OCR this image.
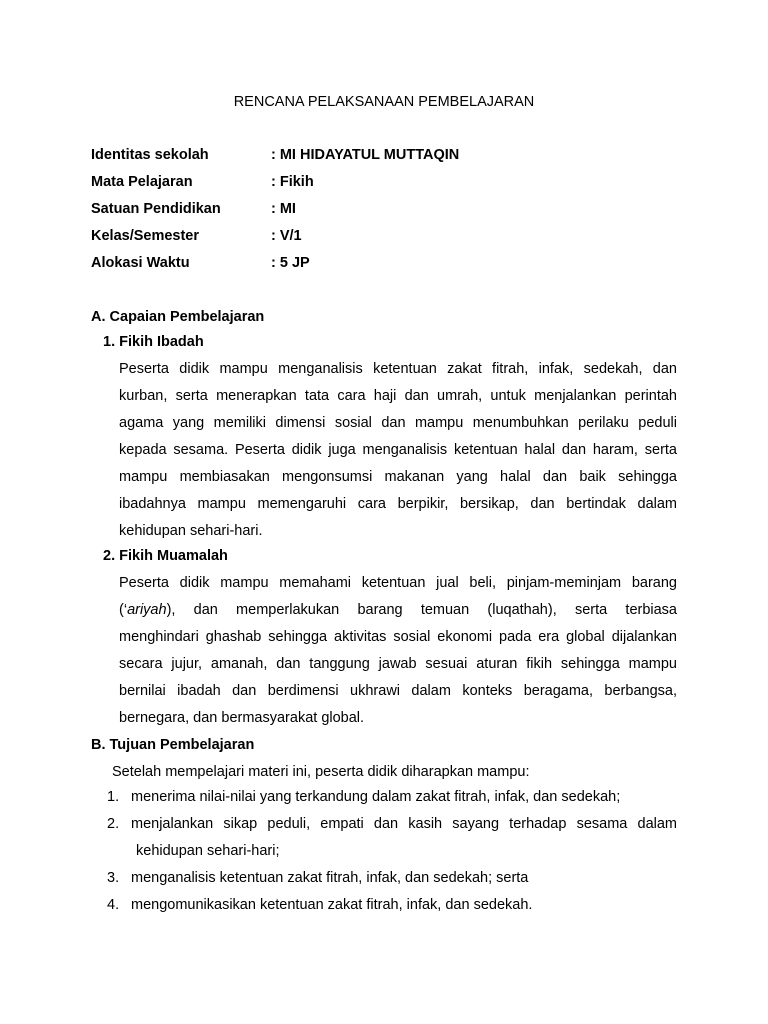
RENCANA PELAKSANAAN PEMBELAJARAN
Identitas sekolah	: MI HIDAYATUL MUTTAQIN
Mata Pelajaran	: Fikih
Satuan Pendidikan	: MI
Kelas/Semester	: V/1
Alokasi Waktu	: 5 JP
A. Capaian Pembelajaran
1. Fikih Ibadah
Peserta didik mampu menganalisis ketentuan zakat fitrah, infak, sedekah, dan
kurban, serta menerapkan tata cara haji dan umrah, untuk menjalankan perintah
agama yang memiliki dimensi sosial dan mampu menumbuhkan perilaku peduli
kepada sesama. Peserta didik juga menganalisis ketentuan halal dan haram, serta
mampu membiasakan mengonsumsi makanan yang halal dan baik sehingga
ibadahnya mampu memengaruhi cara berpikir, bersikap, dan bertindak dalam
kehidupan sehari-hari.
2. Fikih Muamalah
Peserta didik mampu memahami ketentuan jual beli, pinjam-meminjam barang
(‘ariyah), dan memperlakukan barang temuan (luqathah), serta terbiasa
menghindari ghashab sehingga aktivitas sosial ekonomi pada era global dijalankan
secara jujur, amanah, dan tanggung jawab sesuai aturan fikih sehingga mampu
bernilai ibadah dan berdimensi ukhrawi dalam konteks beragama, berbangsa,
bernegara, dan bermasyarakat global.
B. Tujuan Pembelajaran
Setelah mempelajari materi ini, peserta didik diharapkan mampu:
1. menerima nilai-nilai yang terkandung dalam zakat fitrah, infak, dan sedekah;
2. menjalankan sikap peduli, empati dan kasih sayang terhadap sesama dalam
kehidupan sehari-hari;
3. menganalisis ketentuan zakat fitrah, infak, dan sedekah; serta
4. mengomunikasikan ketentuan zakat fitrah, infak, dan sedekah.
